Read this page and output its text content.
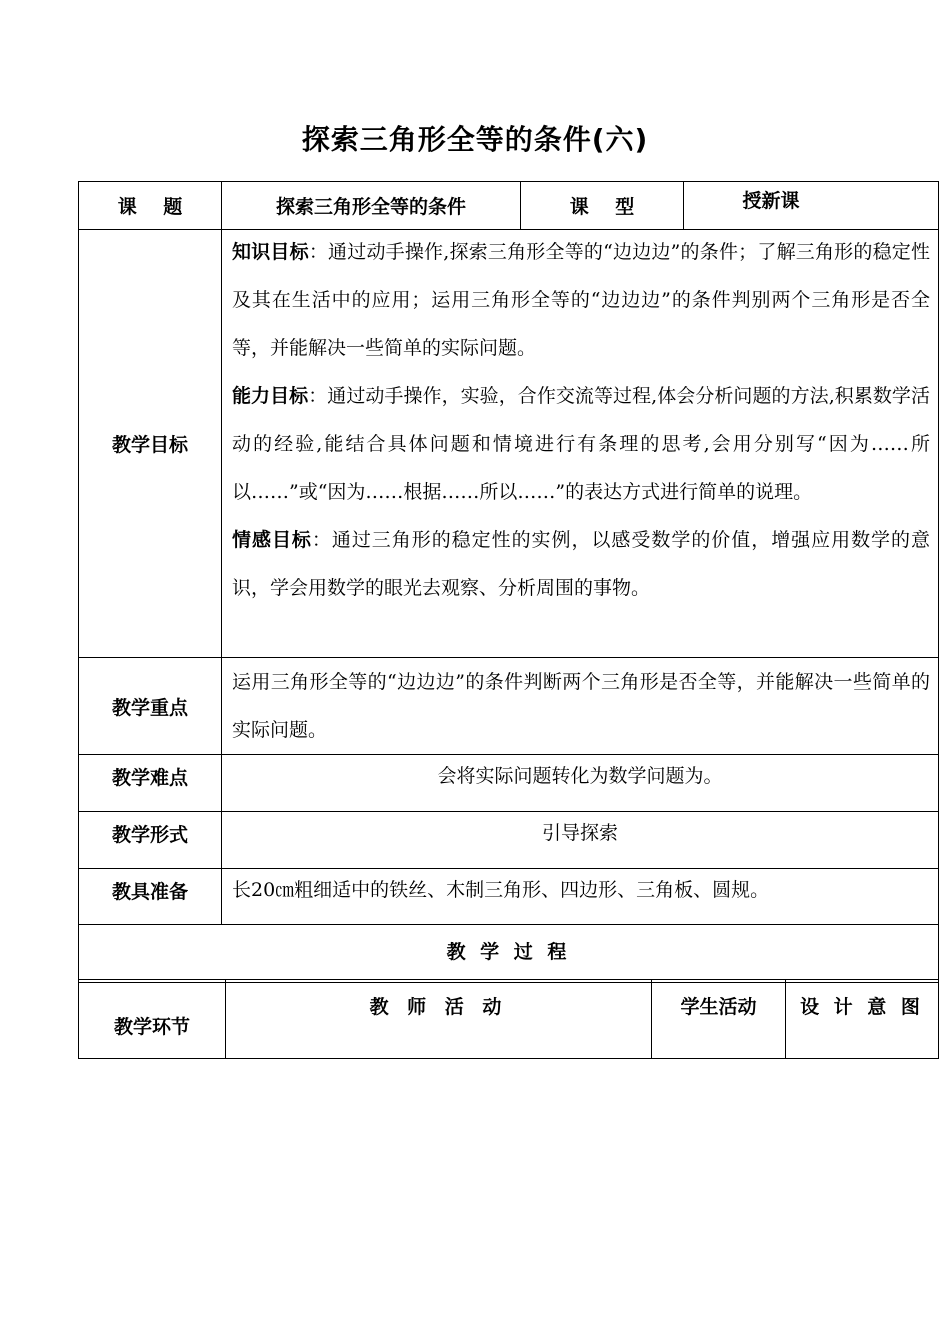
探索三角形全等的条件(六)
课    题	探索三角形全等的条件	课    型	授新课
教学目标	知识目标：通过动手操作,探索三角形全等的“边边边”的条件；了解三角形的稳定性及其在生活中的应用；运用三角形全等的“边边边”的条件判别两个三角形是否全等，并能解决一些简单的实际问题。
能力目标：通过动手操作，实验，合作交流等过程,体会分析问题的方法,积累数学活动的经验,能结合具体问题和情境进行有条理的思考,会用分别写“因为……所以……”或“因为……根据……所以……”的表达方式进行简单的说理。
情感目标：通过三角形的稳定性的实例，以感受数学的价值，增强应用数学的意识，学会用数学的眼光去观察、分析周围的事物。		

教学重点	运用三角形全等的“边边边”的条件判断两个三角形是否全等，并能解决一些简单的实际问题。		
教学难点	会将实际问题转化为数学问题为。		
教学形式	引导探索		
教具准备	长20㎝粗细适中的铁丝、木制三角形、四边形、三角板、圆规。		
教 学 过 程			
教学环节	教 师 活 动	学生活动	设 计 意 图
